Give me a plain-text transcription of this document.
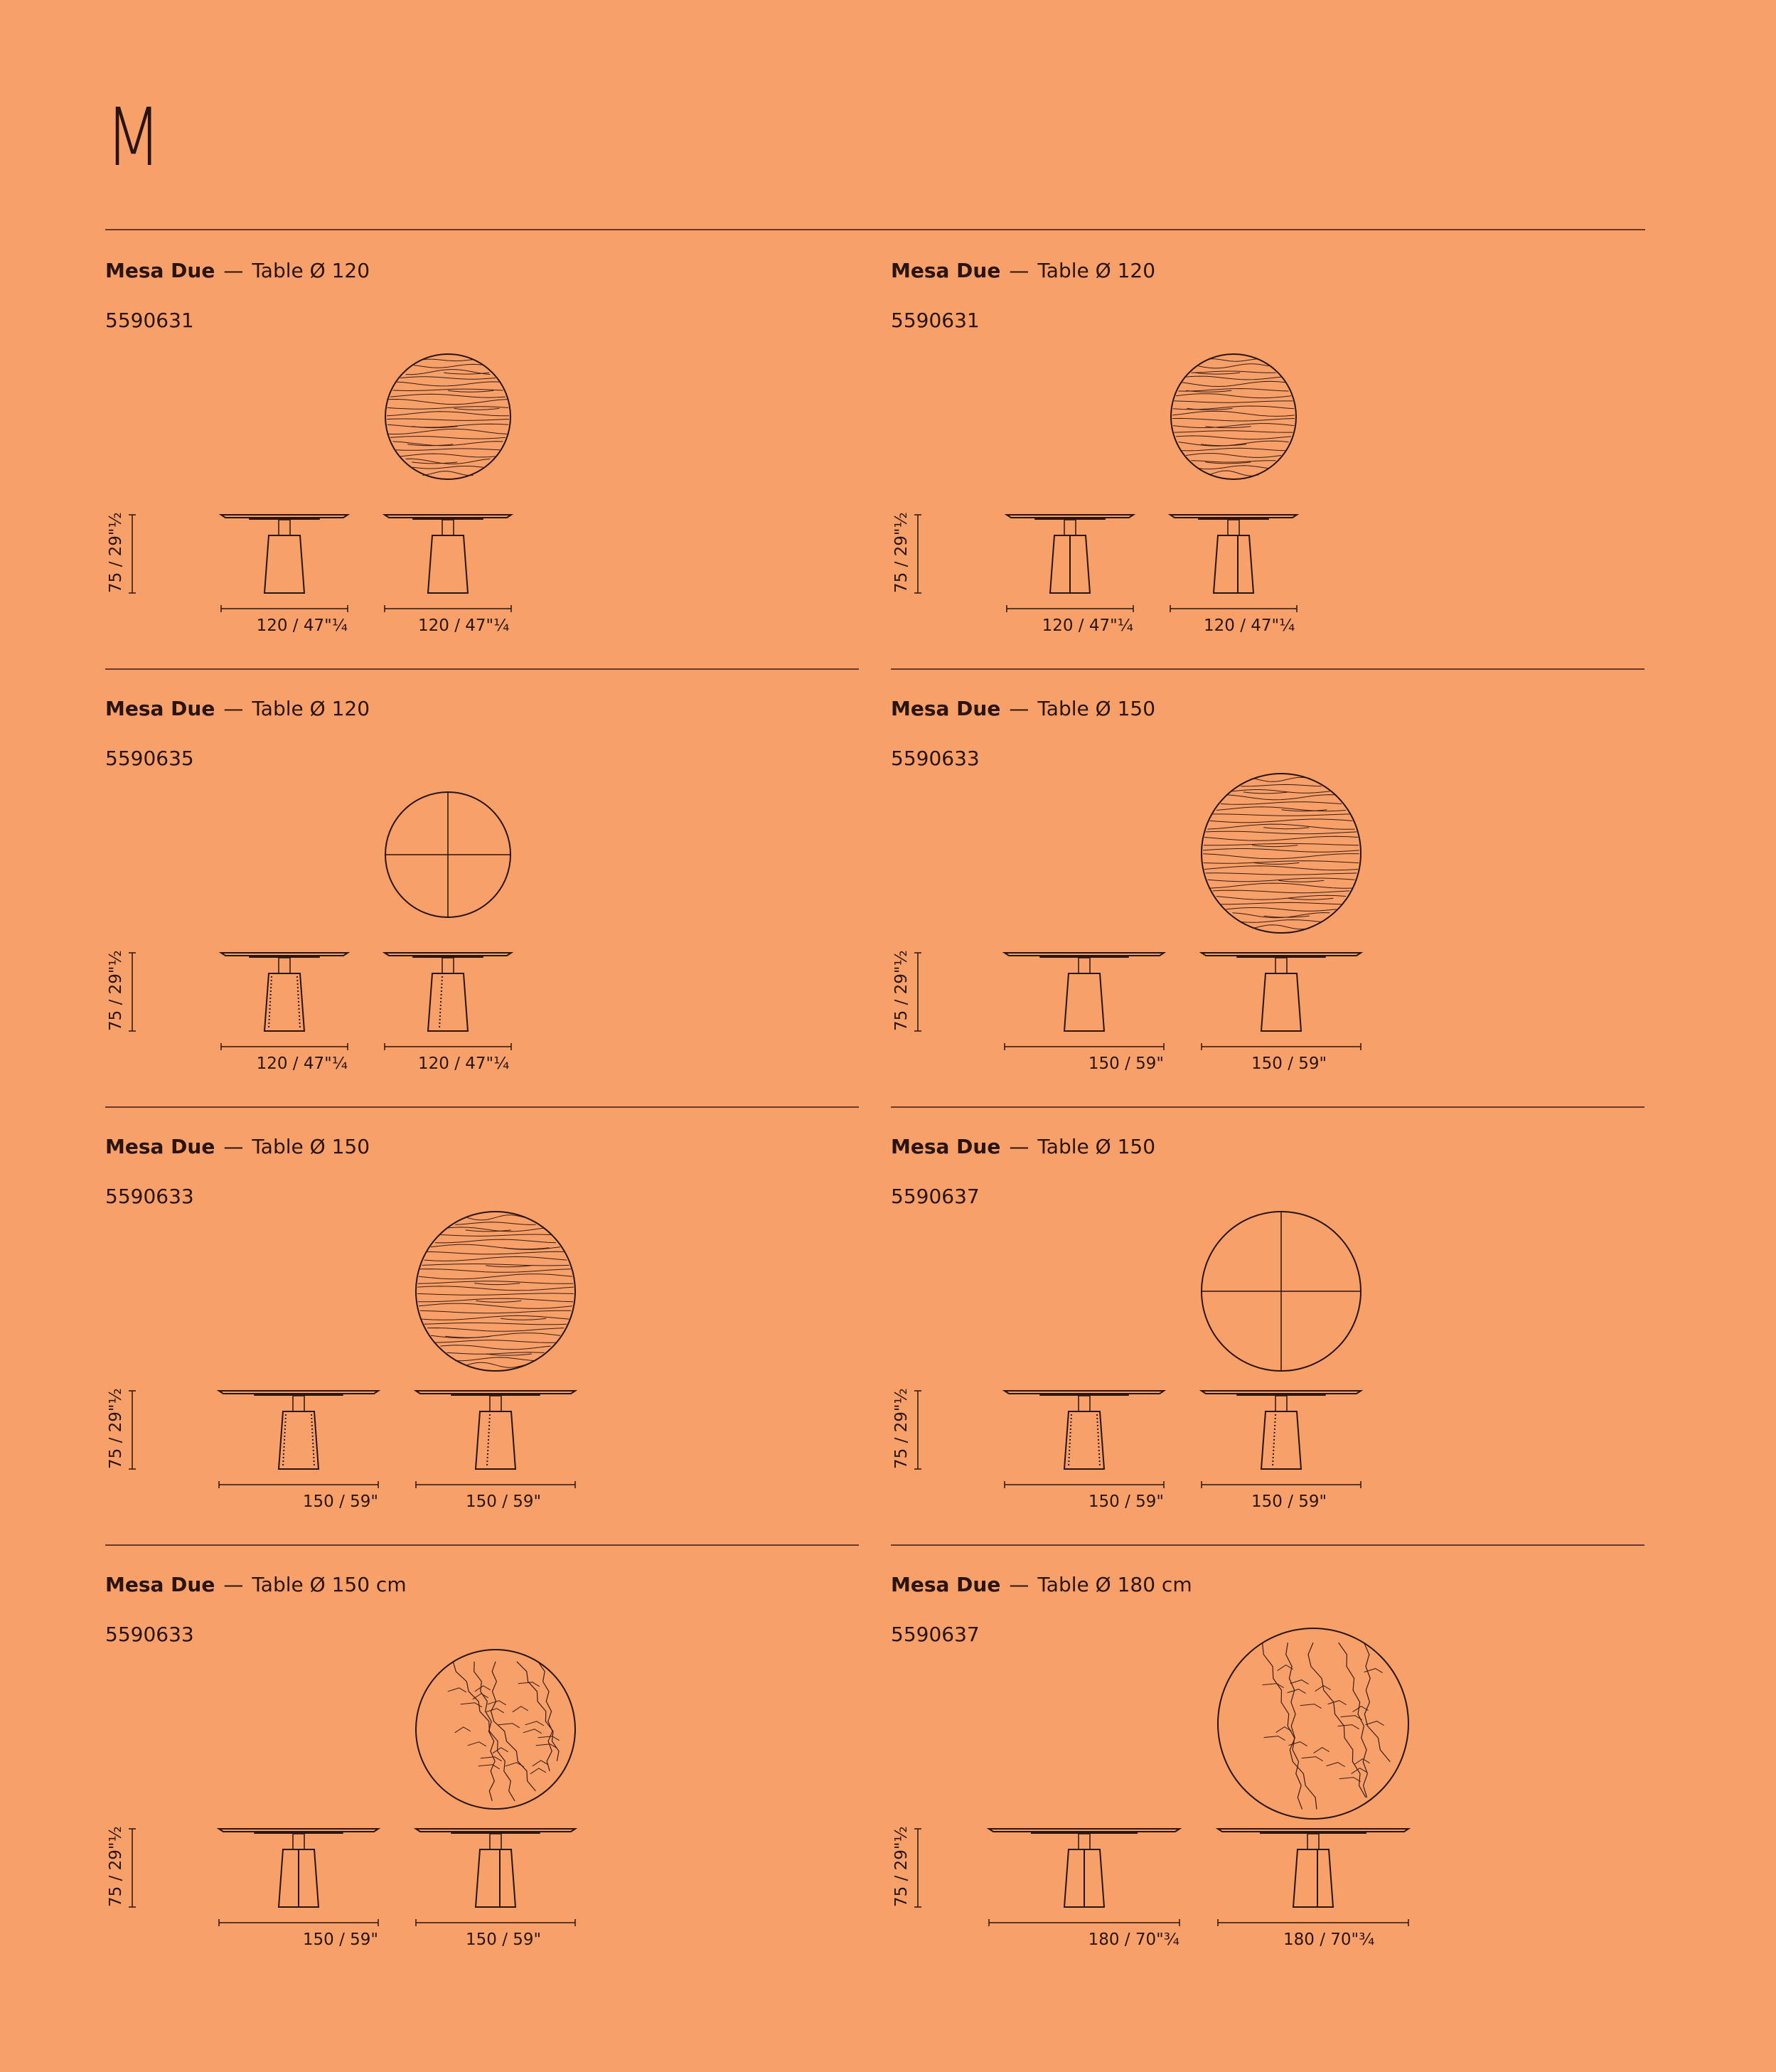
M
Mesa Due — Table Ø 120
5590631
75 / 29"½
120 / 47"¼	120 / 47"¼
Mesa Due — Table Ø 120
5590631
75 / 29"½
120 / 47"¼	120 / 47"¼
Mesa Due — Table Ø 120
5590635
75 / 29"½
120 / 47"¼	120 / 47"¼
Mesa Due — Table Ø 150
5590633
75 / 29"½
150 / 59"	150 / 59"
Mesa Due — Table Ø 150
5590633
75 / 29"½
150 / 59"	150 / 59"
Mesa Due — Table Ø 150
5590637
75 / 29"½
150 / 59"	150 / 59"
Mesa Due — Table Ø 150 cm
5590633
75 / 29"½
150 / 59"	150 / 59"
Mesa Due — Table Ø 180 cm
5590637
75 / 29"½
180 / 70"¾	180 / 70"¾
